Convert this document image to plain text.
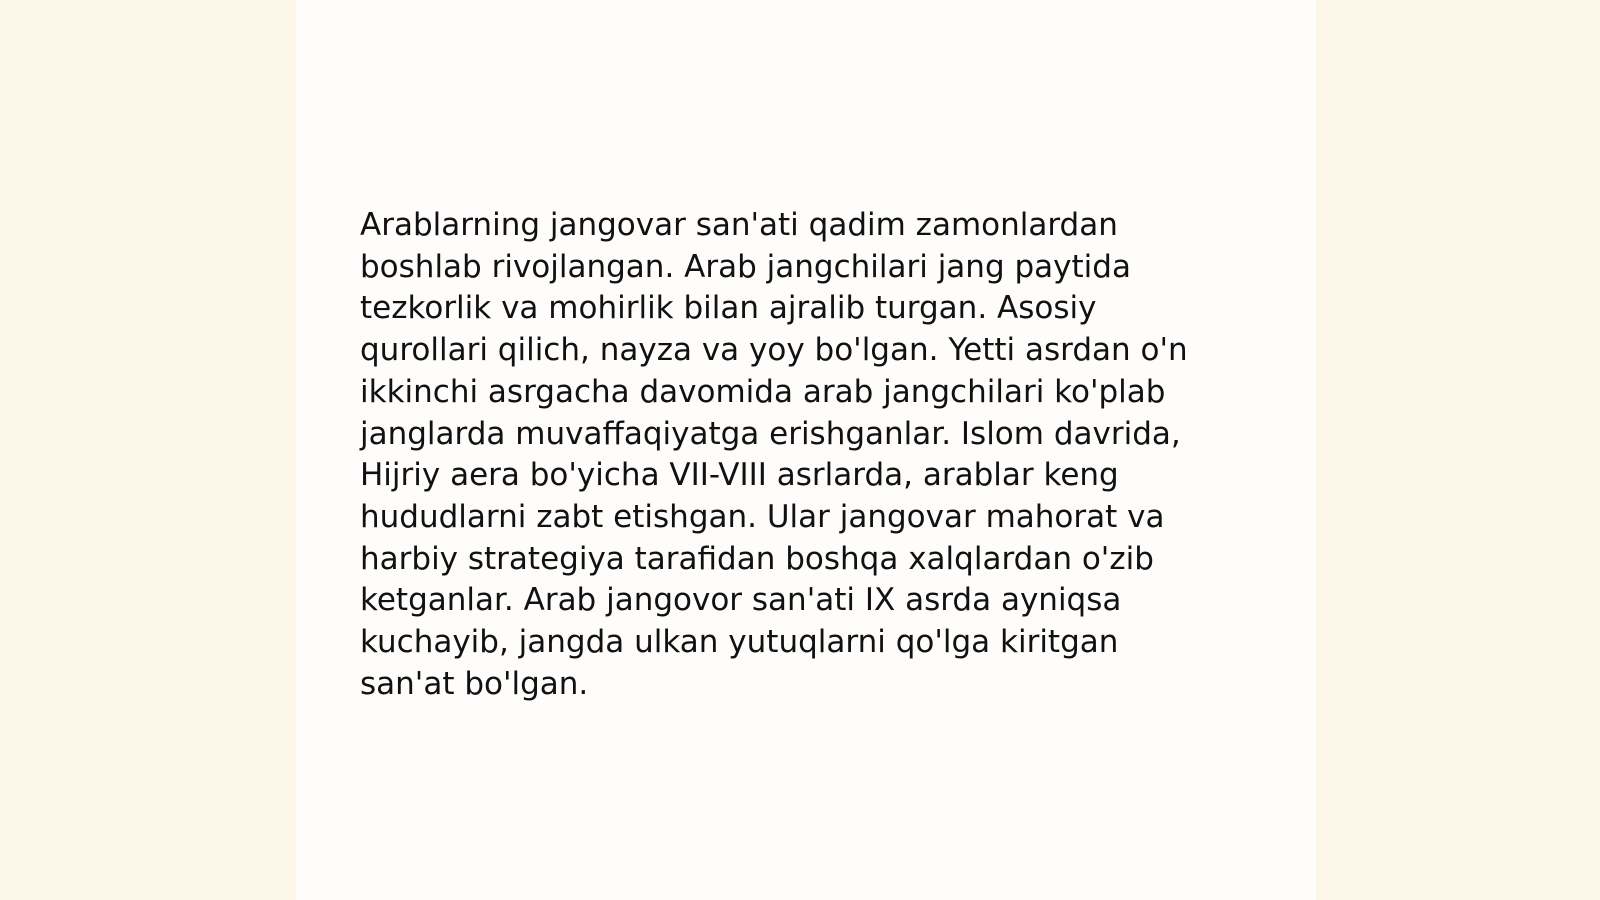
Arablarning jangovar san'ati qadim zamonlardan
boshlab rivojlangan. Arab jangchilari jang paytida
tezkorlik va mohirlik bilan ajralib turgan. Asosiy
qurollari qilich, nayza va yoy bo'lgan. Yetti asrdan o'n
ikkinchi asrgacha davomida arab jangchilari ko'plab
janglarda muvaffaqiyatga erishganlar. Islom davrida,
Hijriy aera bo'yicha VII-VIII asrlarda, arablar keng
hududlarni zabt etishgan. Ular jangovar mahorat va
harbiy strategiya tarafidan boshqa xalqlardan o'zib
ketganlar. Arab jangovor san'ati IX asrda ayniqsa
kuchayib, jangda ulkan yutuqlarni qo'lga kiritgan
san'at bo'lgan.
